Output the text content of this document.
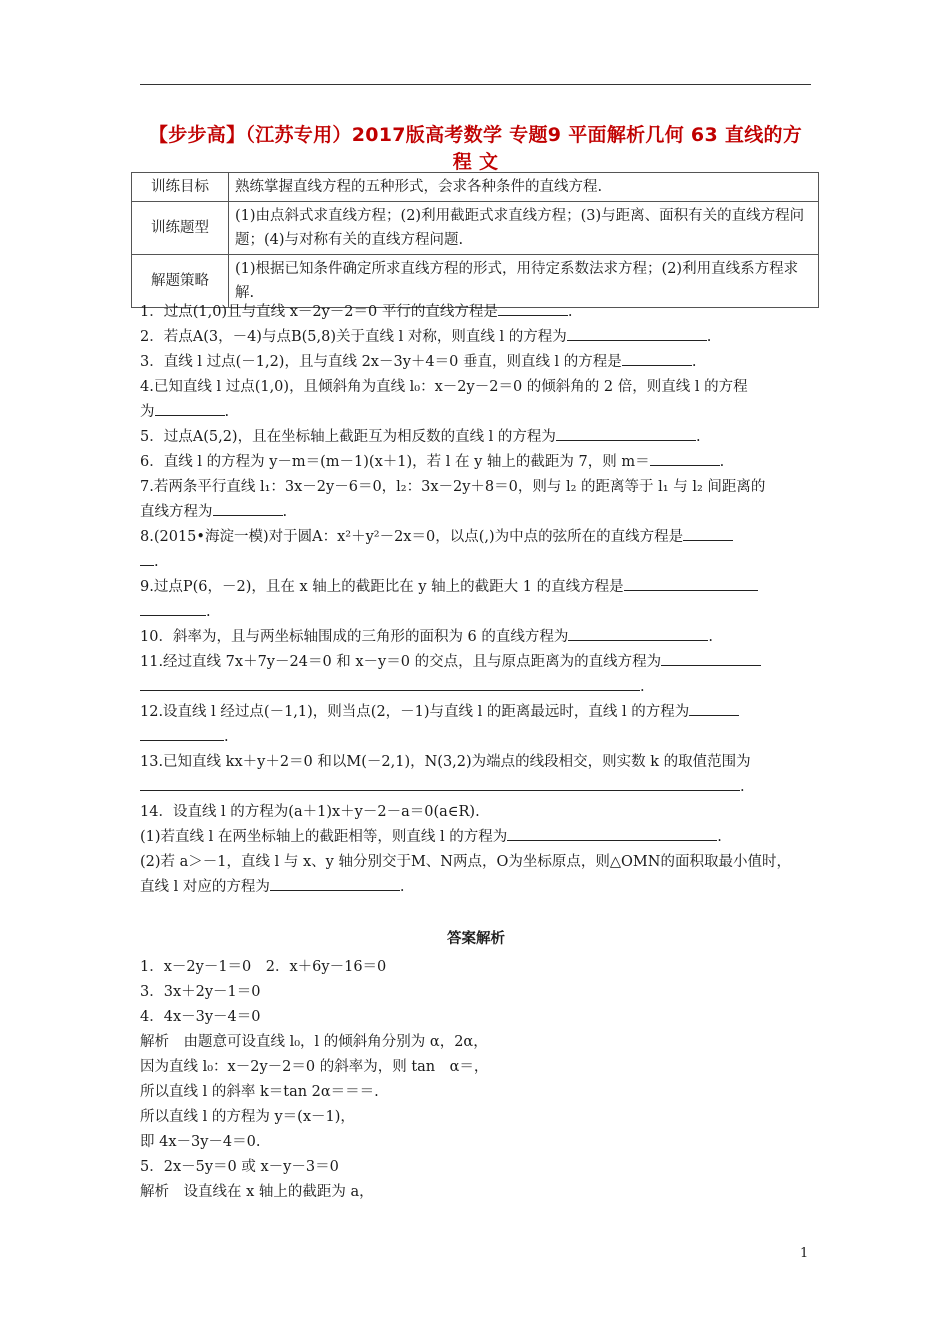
【步步高】（江苏专用）2017版高考数学 专题9 平面解析几何 63 直线的方程 文
训练目标	熟练掌握直线方程的五种形式，会求各种条件的直线方程.
训练题型	(1)由点斜式求直线方程；(2)利用截距式求直线方程；(3)与距离、面积有关的直线方程问题；(4)与对称有关的直线方程问题.
解题策略	(1)根据已知条件确定所求直线方程的形式，用待定系数法求方程；(2)利用直线系方程求解.
1．过点(1,0)且与直线 x－2y－2＝0 平行的直线方程是	.
2．若点A(3，－4)与点B(5,8)关于直线 l 对称，则直线 l 的方程为	.
3．直线 l 过点(－1,2)，且与直线 2x－3y＋4＝0 垂直，则直线 l 的方程是	.
4.已知直线 l 过点(1,0)，且倾斜角为直线 l₀：x－2y－2＝0 的倾斜角的 2 倍，则直线 l 的方程
为	.
5．过点A(5,2)，且在坐标轴上截距互为相反数的直线 l 的方程为	.
6．直线 l 的方程为 y－m＝(m－1)(x＋1)，若 l 在 y 轴上的截距为 7，则 m＝	.
7.若两条平行直线 l₁：3x－2y－6＝0，l₂：3x－2y＋8＝0，则与 l₂ 的距离等于 l₁ 与 l₂ 间距离的
直线方程为	.
8.(2015•海淀一模)对于圆A：x²＋y²－2x＝0，以点(,)为中点的弦所在的直线方程是
.
9.过点P(6，－2)，且在 x 轴上的截距比在 y 轴上的截距大 1 的直线方程是
.
10．斜率为，且与两坐标轴围成的三角形的面积为 6 的直线方程为	.
11.经过直线 7x＋7y－24＝0 和 x－y＝0 的交点，且与原点距离为的直线方程为
.
12.设直线 l 经过点(－1,1)，则当点(2，－1)与直线 l 的距离最远时，直线 l 的方程为
.
13.已知直线 kx＋y＋2＝0 和以M(－2,1)，N(3,2)为端点的线段相交，则实数 k 的取值范围为
.
14．设直线 l 的方程为(a＋1)x＋y－2－a＝0(a∈R).
(1)若直线 l 在两坐标轴上的截距相等，则直线 l 的方程为	.
(2)若 a＞－1，直线 l 与 x、y 轴分别交于M、N两点，O为坐标原点，则△OMN的面积取最小值时，
直线 l 对应的方程为	.
答案解析
1．x－2y－1＝0　2．x＋6y－16＝0
3．3x＋2y－1＝0
4．4x－3y－4＝0
解析　由题意可设直线 l₀，l 的倾斜角分别为 α，2α，
因为直线 l₀：x－2y－2＝0 的斜率为，则 tan　α＝，
所以直线 l 的斜率 k＝tan 2α＝＝＝.
所以直线 l 的方程为 y＝(x－1)，
即 4x－3y－4＝0.
5．2x－5y＝0 或 x－y－3＝0
解析　设直线在 x 轴上的截距为 a，
1
